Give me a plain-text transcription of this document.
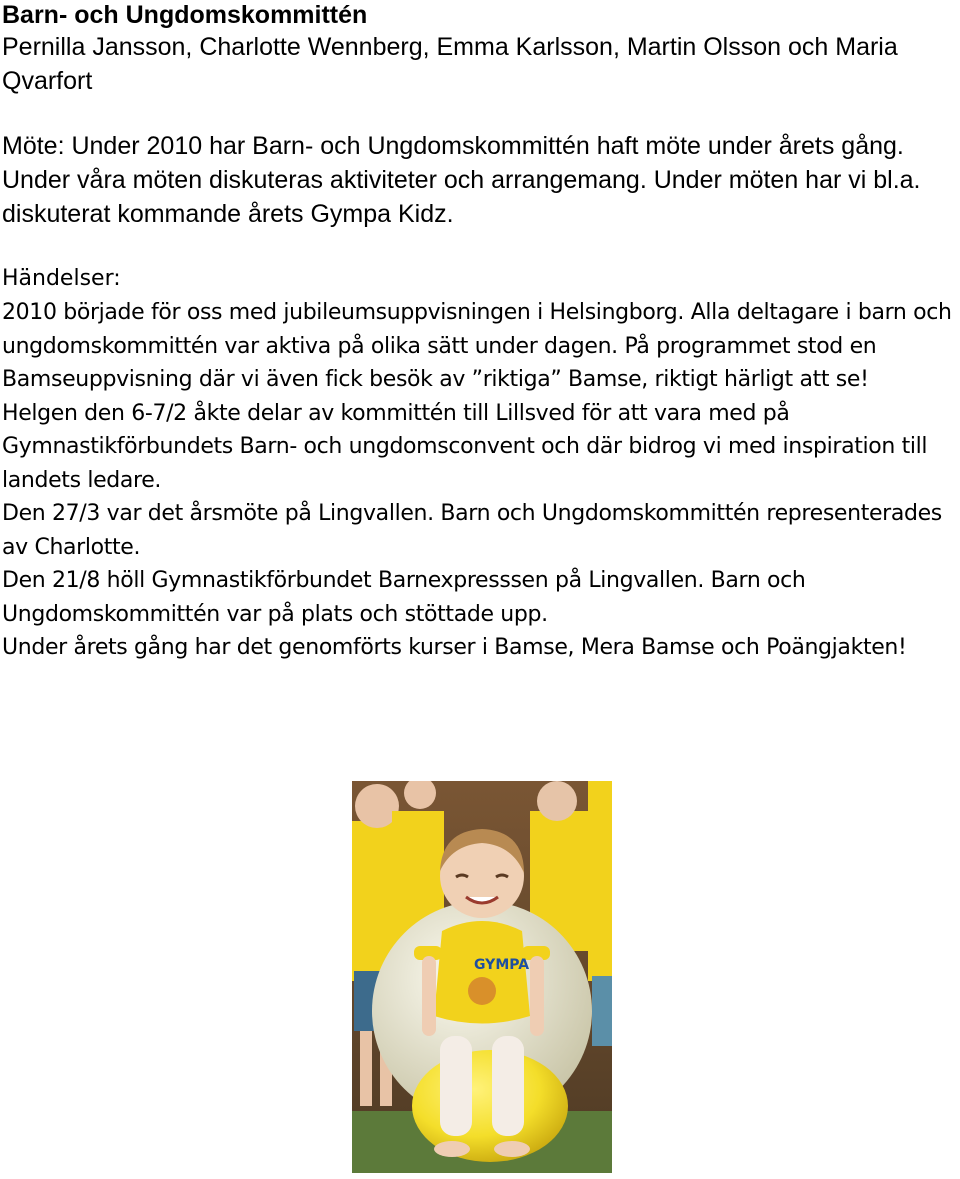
Barn- och Ungdomskommittén

Pernilla Jansson, Charlotte Wennberg, Emma Karlsson, Martin Olsson och Maria Qvarfort

Möte: Under 2010 har Barn- och Ungdomskommittén haft möte under årets gång. Under våra möten diskuteras aktiviteter och arrangemang. Under möten har vi bl.a. diskuterat kommande årets Gympa Kidz.

Händelser:

2010 började för oss med jubileumsuppvisningen i Helsingborg. Alla deltagare i barn och ungdomskommittén var aktiva på olika sätt under dagen. På programmet stod en Bamseuppvisning där vi även fick besök av ”riktiga” Bamse, riktigt härligt att se!

Helgen den 6-7/2 åkte delar av kommittén till Lillsved för att vara med på Gymnastikförbundets Barn- och ungdomsconvent och där bidrog vi med inspiration till landets ledare.

Den 27/3 var det årsmöte på Lingvallen. Barn och Ungdomskommittén representerades av Charlotte.

Den 21/8 höll Gymnastikförbundet Barnexpresssen på Lingvallen. Barn och Ungdomskommittén var på plats och stöttade upp.

Under årets gång har det genomförts kurser i Bamse, Mera Bamse och Poängjakten!

GYMPA
